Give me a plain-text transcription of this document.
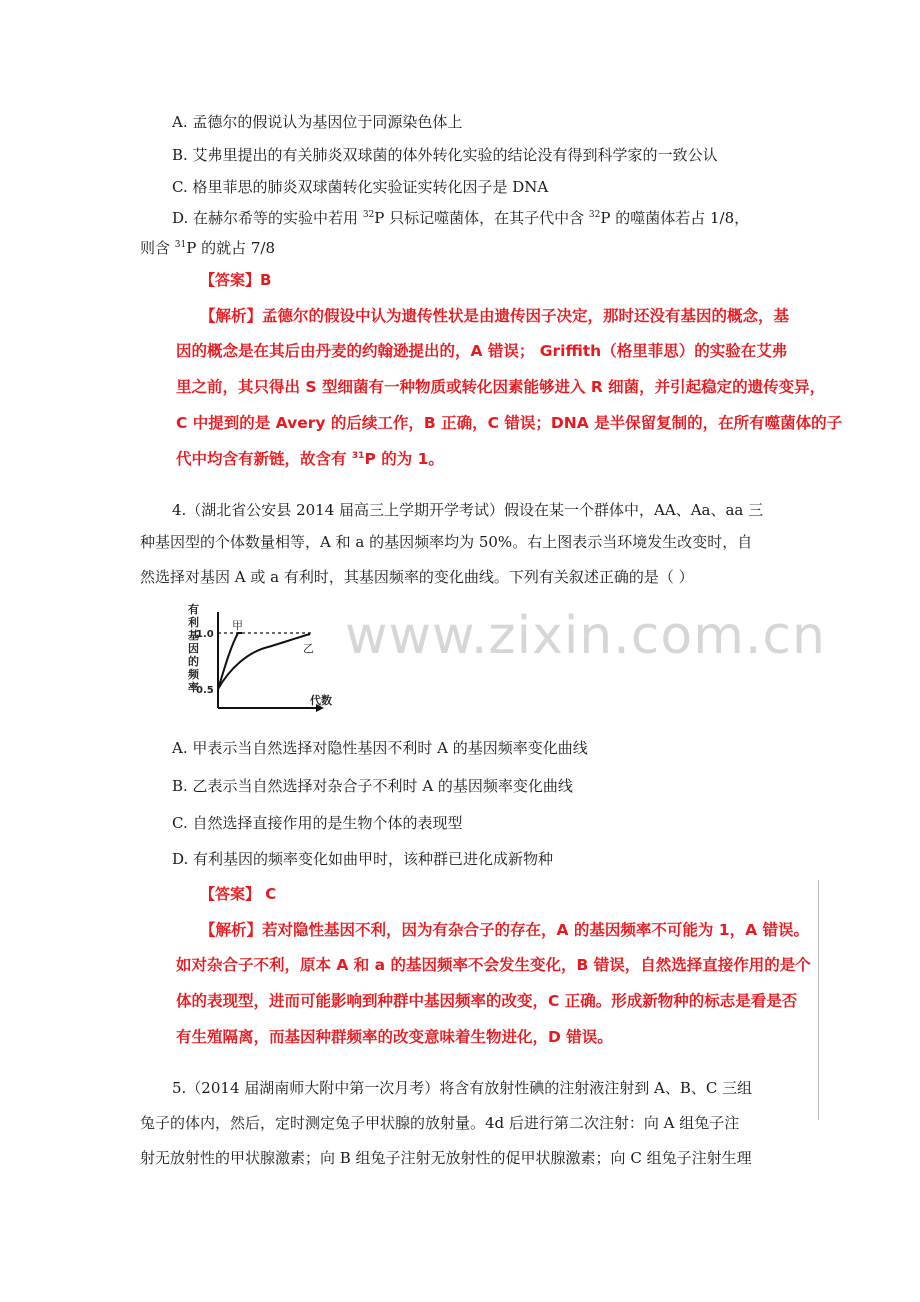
A. 孟德尔的假说认为基因位于同源染色体上
B. 艾弗里提出的有关肺炎双球菌的体外转化实验的结论没有得到科学家的一致公认
C. 格里菲思的肺炎双球菌转化实验证实转化因子是 DNA
D. 在赫尔希等的实验中若用 $^{32}$P 只标记噬菌体，在其子代中含 $^{32}$P 的噬菌体若占 1/8，
则含 $^{31}$P 的就占 7/8
【答案】B
【解析】孟德尔的假设中认为遗传性状是由遗传因子决定，那时还没有基因的概念，基
因的概念是在其后由丹麦的约翰逊提出的，A 错误； Griffith（格里菲思）的实验在艾弗
里之前，其只得出 S 型细菌有一种物质或转化因素能够进入 R 细菌，并引起稳定的遗传变异，
C 中提到的是 Avery 的后续工作，B 正确，C 错误；DNA 是半保留复制的，在所有噬菌体的子
代中均含有新链，故含有 $^{31}$P 的为 1。
4.（湖北省公安县 2014 届高三上学期开学考试）假设在某一个群体中，AA、Aa、aa 三
种基因型的个体数量相等，A 和 a 的基因频率均为 50%。右上图表示当环境发生改变时，自
然选择对基因 A 或 a 有利时，其基因频率的变化曲线。下列有关叙述正确的是（ ）
www.zixin.com.cn
有 利 基 因 的 频 率
1.0
0.5
甲
乙
代数
A. 甲表示当自然选择对隐性基因不利时 A 的基因频率变化曲线
B. 乙表示当自然选择对杂合子不利时 A 的基因频率变化曲线
C. 自然选择直接作用的是生物个体的表现型
D. 有利基因的频率变化如曲甲时，该种群已进化成新物种
【答案】 C
【解析】若对隐性基因不利，因为有杂合子的存在，A 的基因频率不可能为 1，A 错误。
如对杂合子不利，原本 A 和 a 的基因频率不会发生变化，B 错误，自然选择直接作用的是个
体的表现型，进而可能影响到种群中基因频率的改变，C 正确。形成新物种的标志是看是否
有生殖隔离，而基因种群频率的改变意味着生物进化，D 错误。
5.（2014 届湖南师大附中第一次月考）将含有放射性碘的注射液注射到 A、B、C 三组
兔子的体内，然后，定时测定兔子甲状腺的放射量。4d 后进行第二次注射：向 A 组兔子注
射无放射性的甲状腺激素；向 B 组兔子注射无放射性的促甲状腺激素；向 C 组兔子注射生理
